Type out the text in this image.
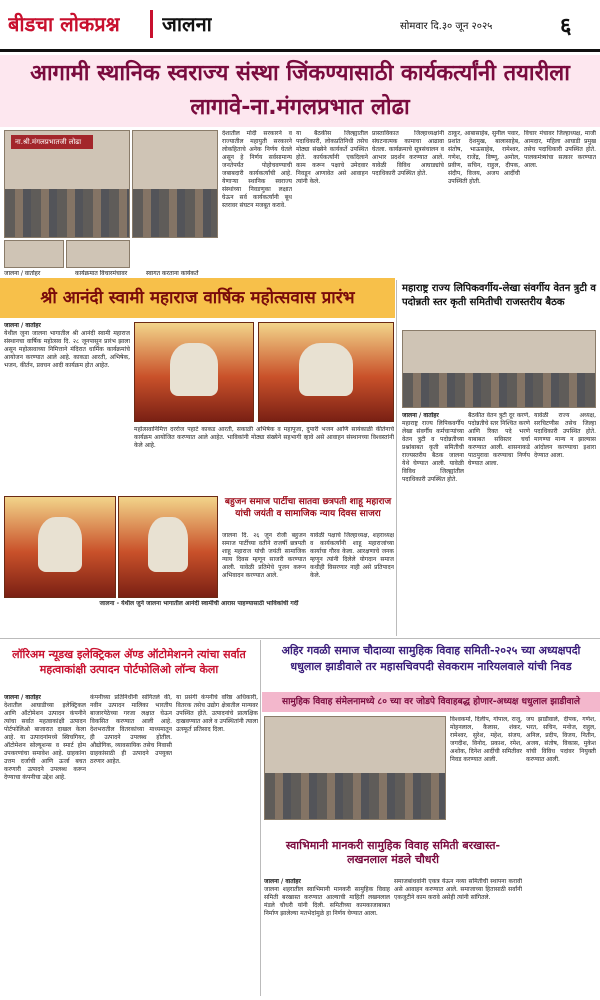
बीडचा लोकप्रश्न जालना	सोमवार दि.३० जून २०२५	६
आगामी स्थानिक स्वराज्य संस्था जिंकण्यासाठी कार्यकर्त्यांनी तयारीला लागावे-ना.मंगलप्रभात लोढा
ना.श्री.मंगलप्रभातजी लोढा
जालना / वार्ताहर	कार्यक्रमात विचारमंचावर	स्वागत करताना कार्यकर्ते
देशातील मोदी सरकारने व राज्यातील महायुती सरकारने लोकहिताचे अनेक निर्णय घेतले असून हे निर्णय सर्वसामान्य जनतेपर्यंत पोहोचवण्याची जबाबदारी कार्यकर्त्यांची आहे. येणाऱ्या स्थानिक स्वराज्य संस्थांच्या निवडणुका लक्षात घेऊन सर्व कार्यकर्त्यांनी बूथ स्तरावर संघटन मजबूत करावे.
या बैठकीस जिल्ह्यातील पदाधिकारी, लोकप्रतिनिधी तसेच मोठ्या संख्येने कार्यकर्ते उपस्थित होते. कार्यकर्त्यांनी एकदिलाने काम करून पक्षाचे उमेदवार निवडून आणावेत असे आवाहन त्यांनी केले.
प्रास्ताविकात जिल्हाध्यक्षांनी संघटनात्मक कामाचा आढावा घेतला. कार्यक्रमाचे सूत्रसंचालन व आभार प्रदर्शन करण्यात आले. यावेळी विविध आघाड्यांचे पदाधिकारी उपस्थित होते.
ठाकूर, आबासाहेब, सुनील पवार, प्रशांत देशमुख, बालासाहेब, संतोष, भाऊसाहेब, रामेश्वर, गणेश, राजेंद्र, विष्णू, अमोल, प्रवीण, सचिन, राहुल, दीपक, संदीप, विजय, अजय आदींची उपस्थिती होती.
विचार मंचावर जिल्हाध्यक्ष, माजी आमदार, महिला आघाडी प्रमुख तसेच पदाधिकारी उपस्थित होते. पालकमंत्र्यांचा सत्कार करण्यात आला.
श्री आनंदी स्वामी महाराज वार्षिक महोत्सवास प्रारंभ
जालना / वार्ताहर
येथील जुना जालना भागातील श्री आनंदी स्वामी महाराज संस्थानचा वार्षिक महोत्सव दि. २८ जूनपासून प्रारंभ झाला असून महोत्सवाच्या निमित्ताने मंदिरात धार्मिक कार्यक्रमांचे आयोजन करण्यात आले आहे. काकडा आरती, अभिषेक, भजन, कीर्तन, प्रवचन आदी कार्यक्रम होत आहेत.
महोत्सवानिमित्त दररोज पहाटे काकड आरती, सकाळी अभिषेक व महापूजा, दुपारी भजन आणि सायंकाळी कीर्तनाचे कार्यक्रम आयोजित करण्यात आले आहेत. भाविकांनी मोठ्या संख्येने सहभागी व्हावे असे आवाहन संस्थानच्या विश्वस्तांनी केले आहे.
बहुजन समाज पार्टीचा सातवा छत्रपती शाहू महाराज यांची जयंती व सामाजिक न्याय दिवस साजरा
जालना दि. २६ जून रोजी बहुजन समाज पार्टीच्या वतीने राजर्षी छत्रपती शाहू महाराज यांची जयंती सामाजिक न्याय दिवस म्हणून साजरी करण्यात आली. यावेळी प्रतिमेचे पूजन करून अभिवादन करण्यात आले.
यावेळी पक्षाचे जिल्हाध्यक्ष, शहराध्यक्ष व कार्यकर्त्यांनी शाहू महाराजांच्या कार्याचा गौरव केला. आरक्षणाचे जनक म्हणून त्यांनी दिलेले योगदान समाज कधीही विसरणार नाही असे प्रतिपादन केले.
जालना - येथील जुने जालना भागातील आनंदी स्वामींची आरास पाहण्यासाठी भाविकांची गर्दी
महाराष्ट्र राज्य लिपिकवर्गीय-लेखा संवर्गीय वेतन त्रुटी व पदोन्नती स्तर कृती समितीची राजस्तरीय बैठक
जालना / वार्ताहर
महाराष्ट्र राज्य लिपिकवर्गीय लेखा संवर्गीय कर्मचाऱ्यांच्या वेतन त्रुटी व पदोन्नतीच्या प्रश्नांबाबत कृती समितीची राज्यस्तरीय बैठक जालना येथे घेण्यात आली. यावेळी विविध जिल्ह्यांतील पदाधिकारी उपस्थित होते.
बैठकीत वेतन त्रुटी दूर करणे, पदोन्नतीचे स्तर निश्चित करणे आणि रिक्त पदे भरणे याबाबत सविस्तर चर्चा करण्यात आली. शासनाकडे पाठपुरावा करण्याचा निर्णय घेण्यात आला.
यावेळी राज्य अध्यक्ष, सरचिटणीस तसेच जिल्हा पदाधिकारी उपस्थित होते. मागण्या मान्य न झाल्यास आंदोलन करण्याचा इशारा देण्यात आला.
लॉरिअम न्यूडख इलेक्ट्रिकल ॲण्ड ऑटोमेशनने त्यांचा सर्वात महत्वाकांक्षी उत्पादन पोर्टफोलिओ लॉन्च केला
जालना / वार्ताहर
देशातील आघाडीच्या इलेक्ट्रिकल आणि ऑटोमेशन उत्पादन कंपनीने त्यांचा सर्वात महत्वाकांक्षी उत्पादन पोर्टफोलिओ बाजारात दाखल केला आहे. या उत्पादनांमध्ये स्विचगियर, ऑटोमेशन सोल्यूशन्स व स्मार्ट होम उपकरणांचा समावेश आहे. ग्राहकांना उत्तम दर्जाची आणि ऊर्जा बचत करणारी उत्पादने उपलब्ध करून देण्याचा कंपनीचा उद्देश आहे.
कंपनीच्या प्रतिनिधींनी सांगितले की, नवीन उत्पादन मालिका भारतीय बाजारपेठेच्या गरजा लक्षात घेऊन विकसित करण्यात आली आहे. देशभरातील वितरकांच्या माध्यमातून ही उत्पादने उपलब्ध होतील. औद्योगिक, व्यावसायिक तसेच निवासी ग्राहकांसाठी ही उत्पादने उपयुक्त ठरणार आहेत.
या प्रसंगी कंपनीचे वरिष्ठ अधिकारी, वितरक तसेच उद्योग क्षेत्रातील मान्यवर उपस्थित होते. उत्पादनांचे प्रात्यक्षिक दाखवण्यात आले व उपस्थितांनी त्याला उत्स्फूर्त प्रतिसाद दिला.
अहिर गवळी समाज चौदाव्या सामुहिक विवाह समिती-२०२५ च्या अध्यक्षपदी धधुलाल झाडीवाले तर महासचिवपदी सेवकराम नारियलवाले यांची निवड
सामुहिक विवाह संमेलनामध्ये ८० च्या वर जोडपे विवाहबद्ध होणार-अध्यक्ष धधुलाल झाडीवाले
विश्वकर्मा, दिलीप, गोपाल, राजू, मोहनलाल, कैलास, शंकर, रामेश्वर, सुरेश, महेश, संजय, जगदीश, विनोद, प्रकाश, रमेश, अशोक, दिनेश आदींची समितीवर निवड करण्यात आली.
जय झाडीवाले, दीपक, गणेश, भरत, सचिन, मनोज, राहुल, अनिल, प्रदीप, विजय, नितीन, अजय, संतोष, विकास, मुकेश यांची विविध पदांवर नियुक्ती करण्यात आली.
स्वाभिमानी मानकरी सामुहिक विवाह समिती बरखास्त-लखनलाल मंडले चौधरी
जालना / वार्ताहर
जालना शहरातील स्वाभिमानी मानकरी सामुहिक विवाह समिती बरखास्त करण्यात आल्याची माहिती लखनलाल मंडले चौधरी यांनी दिली. समितीच्या कामकाजाबाबत निर्माण झालेल्या मतभेदांमुळे हा निर्णय घेण्यात आला.
समाजबांधवांनी एकत्र येऊन नव्या समितीची स्थापना करावी असे आवाहन करण्यात आले. समाजाच्या हितासाठी सर्वांनी एकजुटीने काम करावे असेही त्यांनी सांगितले.
